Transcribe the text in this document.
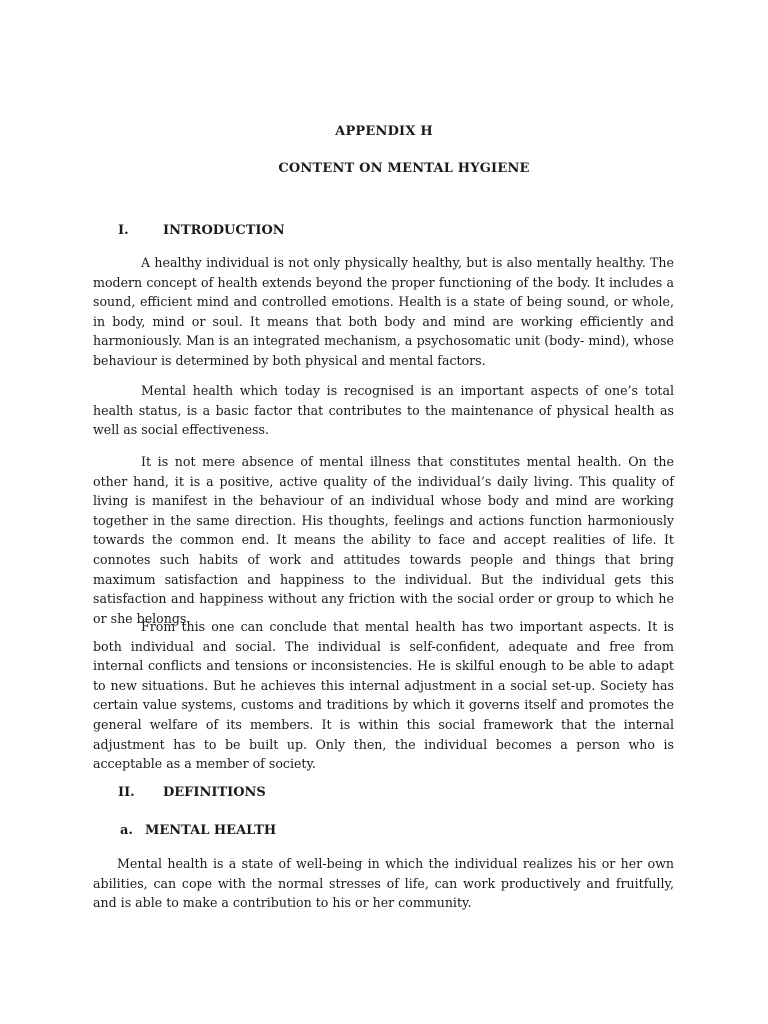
APPENDIX H
CONTENT ON MENTAL HYGIENE
I.	INTRODUCTION

A healthy individual is not only physically healthy, but is also mentally healthy. The modern concept of health extends beyond the proper functioning of the body. It includes a sound, efficient mind and controlled emotions. Health is a state of being sound, or whole, in body, mind or soul. It means that both body and mind are working efficiently and harmoniously. Man is an integrated mechanism, a psychosomatic unit (body- mind), whose behaviour is determined by both physical and mental factors.

Mental health which today is recognised is an important aspects of one’s total health status, is a basic factor that contributes to the maintenance of physical health as well as social effectiveness.

It is not mere absence of mental illness that constitutes mental health. On the other hand, it is a positive, active quality of the individual’s daily living. This quality of living is manifest in the behaviour of an individual whose body and mind are working together in the same direction. His thoughts, feelings and actions function harmoniously towards the common end. It means the ability to face and accept realities of life. It connotes such habits of work and attitudes towards people and things that bring maximum satisfaction and happiness to the individual. But the individual gets this satisfaction and happiness without any friction with the social order or group to which he or she belongs.

From this one can conclude that mental health has two important aspects. It is both individual and social. The individual is self-confident, adequate and free from internal conflicts and tensions or inconsistencies. He is skilful enough to be able to adapt to new situations. But he achieves this internal adjustment in a social set-up. Society has certain value systems, customs and traditions by which it governs itself and promotes the general welfare of its members. It is within this social framework that the internal adjustment has to be built up. Only then, the individual becomes a person who is acceptable as a member of society.

II. DEFINITIONS
a. MENTAL HEALTH

Mental health is a state of well-being in which the individual realizes his or her own abilities, can cope with the normal stresses of life, can work productively and fruitfully, and is able to make a contribution to his or her community.
